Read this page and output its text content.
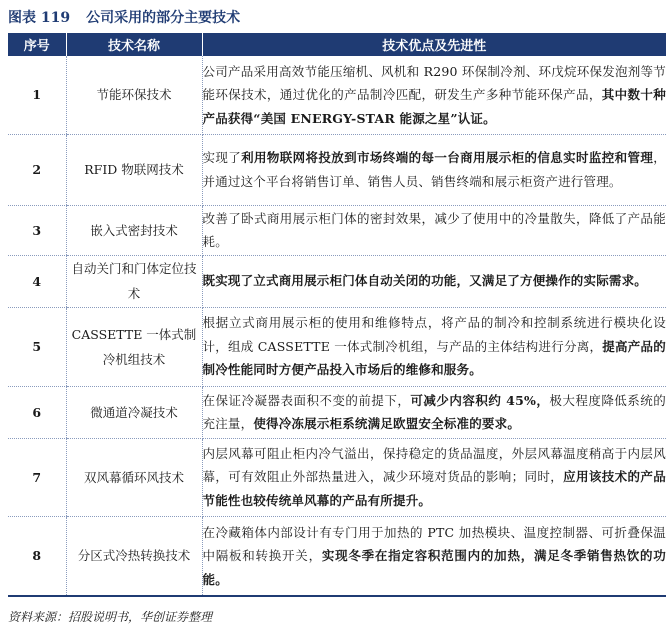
图表 119 公司采用的部分主要技术
序号	技术名称	技术优点及先进性
1	节能环保技术	公司产品采用高效节能压缩机、风机和 R290 环保制冷剂、环戊烷环保发泡剂等节能环保技术，通过优化的产品制冷匹配，研发生产多种节能环保产品，其中数十种产品获得“美国 ENERGY-STAR 能源之星”认证。
2	RFID 物联网技术	实现了利用物联网将投放到市场终端的每一台商用展示柜的信息实时监控和管理，并通过这个平台将销售订单、销售人员、销售终端和展示柜资产进行管理。
3	嵌入式密封技术	改善了卧式商用展示柜门体的密封效果，减少了使用中的冷量散失，降低了产品能耗。
4	自动关门和门体定位技术	既实现了立式商用展示柜门体自动关闭的功能，又满足了方便操作的实际需求。
5	CASSETTE 一体式制冷机组技术	根据立式商用展示柜的使用和维修特点，将产品的制冷和控制系统进行模块化设计，组成 CASSETTE 一体式制冷机组，与产品的主体结构进行分离，提高产品的制冷性能同时方便产品投入市场后的维修和服务。
6	微通道冷凝技术	在保证冷凝器表面积不变的前提下，可减少内容积约 45%，极大程度降低系统的充注量，使得冷冻展示柜系统满足欧盟安全标准的要求。
7	双风幕循环风技术	内层风幕可阻止柜内冷气溢出，保持稳定的货品温度，外层风幕温度稍高于内层风幕，可有效阻止外部热量进入，减少环境对货品的影响；同时，应用该技术的产品节能性也较传统单风幕的产品有所提升。
8	分区式冷热转换技术	在冷藏箱体内部设计有专门用于加热的 PTC 加热模块、温度控制器、可折叠保温中隔板和转换开关，实现冬季在指定容积范围内的加热，满足冬季销售热饮的功能。
资料来源：招股说明书，华创证券整理
